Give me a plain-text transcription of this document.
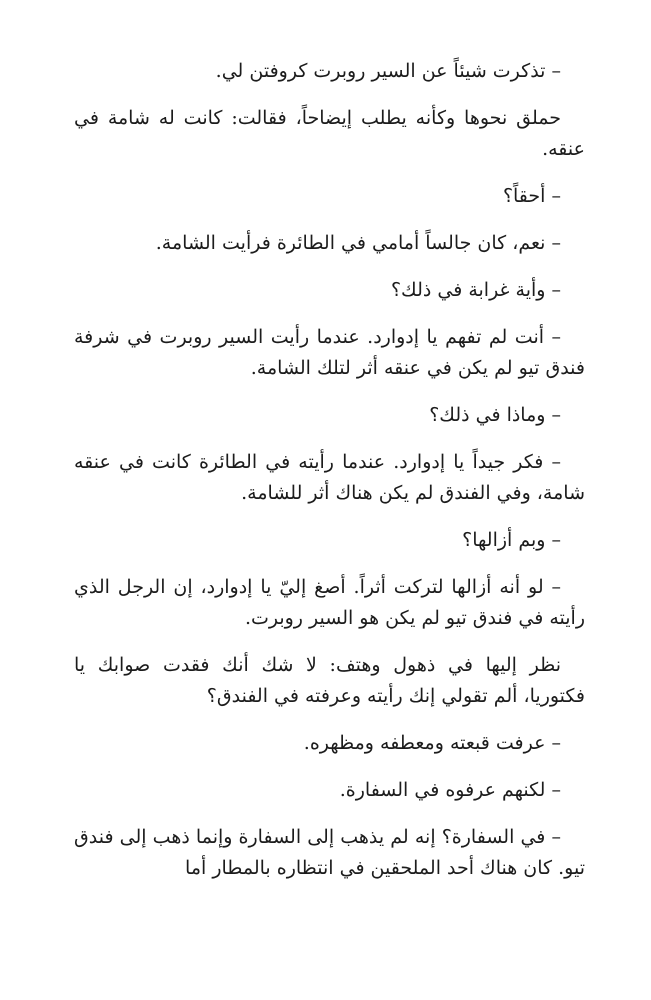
– تذكرت شيئاً عن السير روبرت كروفتن لي.

حملق نحوها وكأنه يطلب إيضاحاً، فقالت: كانت له شامة في عنقه.

– أحقاً؟

– نعم، كان جالساً أمامي في الطائرة فرأيت الشامة.

– وأية غرابة في ذلك؟

– أنت لم تفهم يا إدوارد. عندما رأيت السير روبرت في شرفة فندق تيو لم يكن في عنقه أثر لتلك الشامة.

– وماذا في ذلك؟

– فكر جيداً يا إدوارد. عندما رأيته في الطائرة كانت في عنقه شامة، وفي الفندق لم يكن هناك أثر للشامة.

– وبم أزالها؟

– لو أنه أزالها لتركت أثراً. أصغ إليّ يا إدوارد، إن الرجل الذي رأيته في فندق تيو لم يكن هو السير روبرت.

نظر إليها في ذهول وهتف: لا شك أنك فقدت صوابك يا فكتوريا، ألم تقولي إنك رأيته وعرفته في الفندق؟

– عرفت قبعته ومعطفه ومظهره.

– لكنهم عرفوه في السفارة.

– في السفارة؟ إنه لم يذهب إلى السفارة وإنما ذهب إلى فندق تيو. كان هناك أحد الملحقين في انتظاره بالمطار أما
